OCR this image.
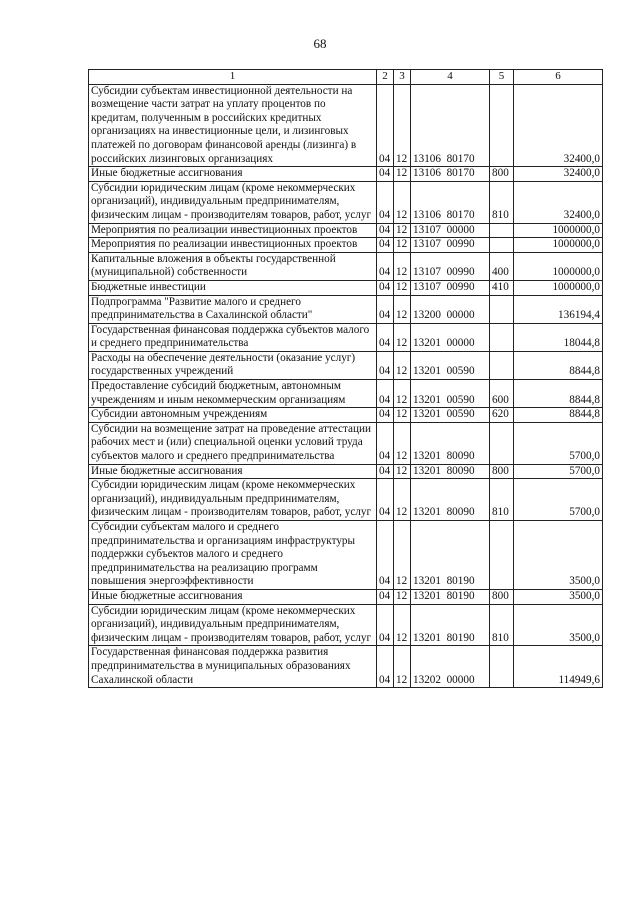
68
1	2	3	4	5	6
Субсидии субъектам инвестиционной деятельности на возмещение части затрат на уплату процентов по кредитам, полученным в российских кредитных организациях на инвестиционные цели, и лизинговых платежей по договорам финансовой аренды (лизинга) в российских лизинговых организациях	04	12	13106  80170		32400,0
Иные бюджетные ассигнования	04	12	13106  80170	800	32400,0
Субсидии юридическим лицам (кроме некоммерческих организаций), индивидуальным предпринимателям, физическим лицам - производителям товаров, работ, услуг	04	12	13106  80170	810	32400,0
Мероприятия по реализации инвестиционных проектов	04	12	13107  00000		1000000,0
Мероприятия по реализации инвестиционных проектов	04	12	13107  00990		1000000,0
Капитальные вложения в объекты государственной (муниципальной) собственности	04	12	13107  00990	400	1000000,0
Бюджетные инвестиции	04	12	13107  00990	410	1000000,0
Подпрограмма "Развитие малого и среднего предпринимательства в Сахалинской области"	04	12	13200  00000		136194,4
Государственная финансовая поддержка субъектов малого и среднего предпринимательства	04	12	13201  00000		18044,8
Расходы на обеспечение деятельности (оказание услуг) государственных учреждений	04	12	13201  00590		8844,8
Предоставление субсидий бюджетным, автономным учреждениям и иным некоммерческим организациям	04	12	13201  00590	600	8844,8
Субсидии автономным учреждениям	04	12	13201  00590	620	8844,8
Субсидии на возмещение затрат на проведение аттестации рабочих мест и (или) специальной оценки условий труда субъектов малого и среднего предпринимательства	04	12	13201  80090		5700,0
Иные бюджетные ассигнования	04	12	13201  80090	800	5700,0
Субсидии юридическим лицам (кроме некоммерческих организаций), индивидуальным предпринимателям, физическим лицам - производителям товаров, работ, услуг	04	12	13201  80090	810	5700,0
Субсидии субъектам малого и среднего предпринимательства и организациям инфраструктуры поддержки субъектов малого и среднего предпринимательства на реализацию программ повышения энергоэффективности	04	12	13201  80190		3500,0
Иные бюджетные ассигнования	04	12	13201  80190	800	3500,0
Субсидии юридическим лицам (кроме некоммерческих организаций), индивидуальным предпринимателям, физическим лицам - производителям товаров, работ, услуг	04	12	13201  80190	810	3500,0
Государственная финансовая поддержка развития предпринимательства в муниципальных образованиях Сахалинской области	04	12	13202  00000		114949,6
